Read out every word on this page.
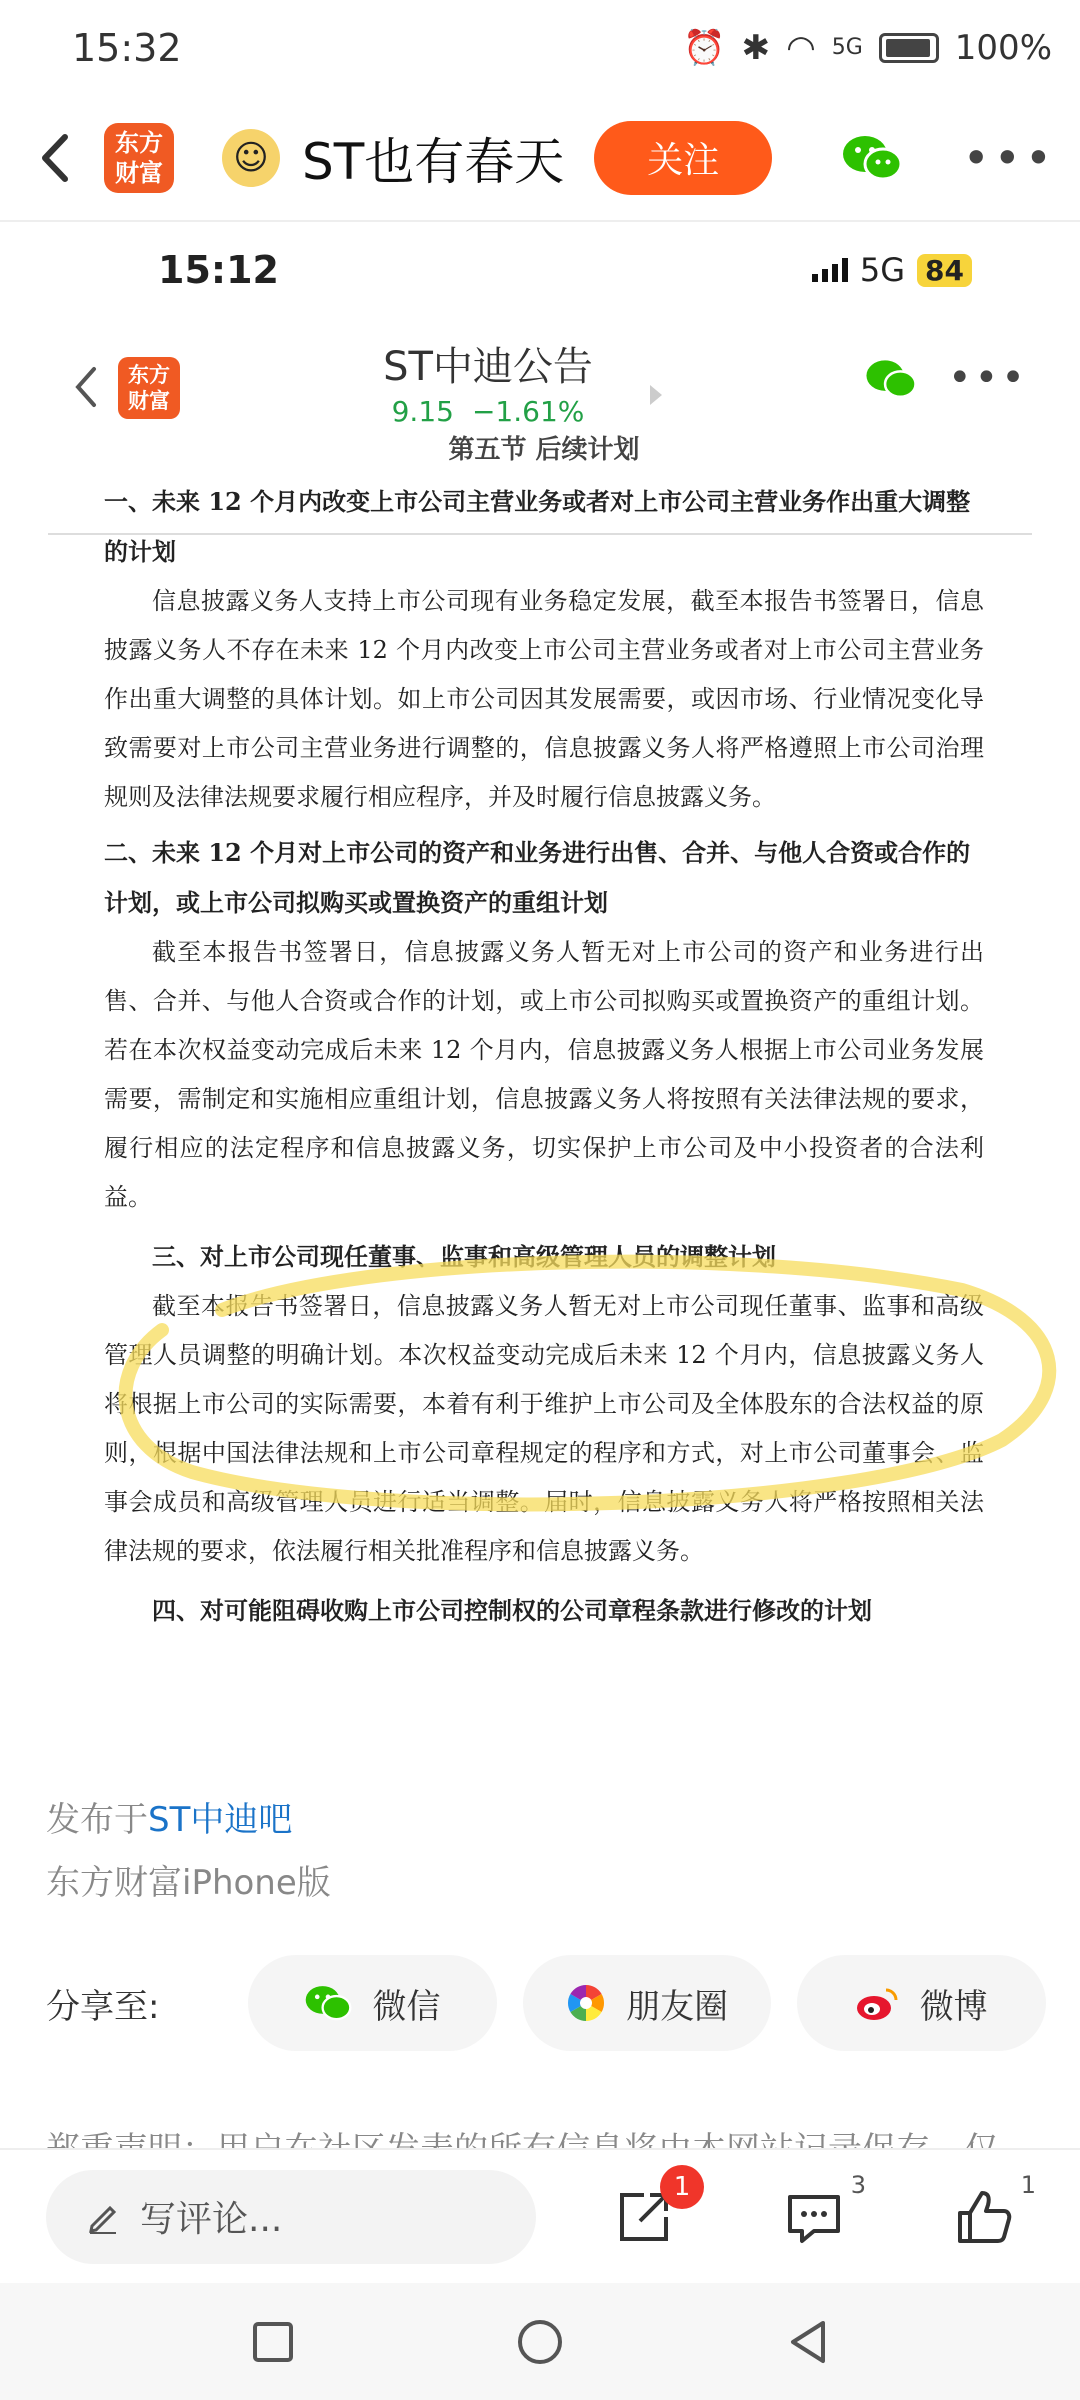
15:32	⏰ ✱ ◠ 5G	100%
东方
财富	☺ ST也有春天	关注	•••
15:12	5G 84
东方
财富
ST中迪公告
9.15 −1.61%
•••
第五节 后续计划
一、未来 12 个月内改变上市公司主营业务或者对上市公司主营业务作出重大调整的计划
信息披露义务人支持上市公司现有业务稳定发展，截至本报告书签署日，信息披露义务人不存在未来 12 个月内改变上市公司主营业务或者对上市公司主营业务作出重大调整的具体计划。如上市公司因其发展需要，或因市场、行业情况变化导致需要对上市公司主营业务进行调整的，信息披露义务人将严格遵照上市公司治理规则及法律法规要求履行相应程序，并及时履行信息披露义务。
二、未来 12 个月对上市公司的资产和业务进行出售、合并、与他人合资或合作的计划，或上市公司拟购买或置换资产的重组计划
截至本报告书签署日，信息披露义务人暂无对上市公司的资产和业务进行出售、合并、与他人合资或合作的计划，或上市公司拟购买或置换资产的重组计划。若在本次权益变动完成后未来 12 个月内，信息披露义务人根据上市公司业务发展需要，需制定和实施相应重组计划，信息披露义务人将按照有关法律法规的要求，履行相应的法定程序和信息披露义务，切实保护上市公司及中小投资者的合法利益。
三、对上市公司现任董事、监事和高级管理人员的调整计划
截至本报告书签署日，信息披露义务人暂无对上市公司现任董事、监事和高级管理人员调整的明确计划。本次权益变动完成后未来 12 个月内，信息披露义务人将根据上市公司的实际需要，本着有利于维护上市公司及全体股东的合法权益的原则，根据中国法律法规和上市公司章程规定的程序和方式，对上市公司董事会、监事会成员和高级管理人员进行适当调整。届时，信息披露义务人将严格按照相关法律法规的要求，依法履行相关批准程序和信息披露义务。
四、对可能阻碍收购上市公司控制权的公司章程条款进行修改的计划
发布于ST中迪吧
东方财富iPhone版
分享至:	微信	朋友圈	微博
写评论...
1	3	1
